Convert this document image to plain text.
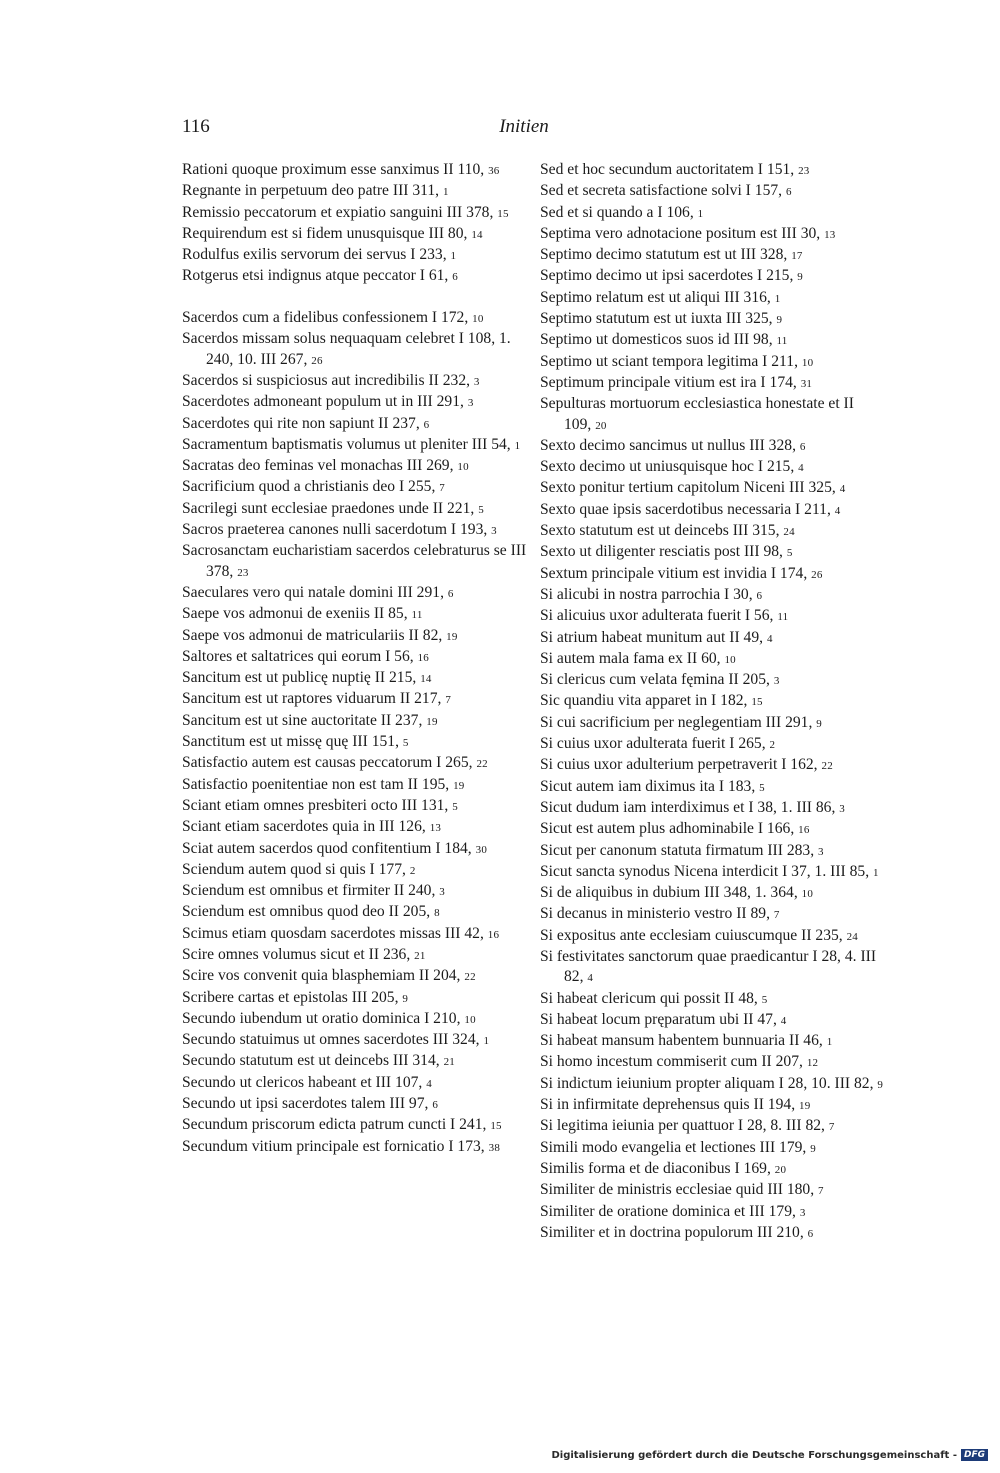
116	Initien
Rationi quoque proximum esse sanximus II 110, 36
Regnante in perpetuum deo patre III 311, 1
Remissio peccatorum et expiatio sanguini III 378, 15
Requirendum est si fidem unusquisque III 80, 14
Rodulfus exilis servorum dei servus I 233, 1
Rotgerus etsi indignus atque peccator I 61, 6
Sacerdos cum a fidelibus confessionem I 172, 10
Sacerdos missam solus nequaquam celebret I 108, 1. 240, 10. III 267, 26
Sacerdos si suspiciosus aut incredibilis II 232, 3
Sacerdotes admoneant populum ut in III 291, 3
Sacerdotes qui rite non sapiunt II 237, 6
Sacramentum baptismatis volumus ut pleniter III 54, 1
Sacratas deo feminas vel monachas III 269, 10
Sacrificium quod a christianis deo I 255, 7
Sacrilegi sunt ecclesiae praedones unde II 221, 5
Sacros praeterea canones nulli sacerdotum I 193, 3
Sacrosanctam eucharistiam sacerdos celebraturus se III 378, 23
Saeculares vero qui natale domini III 291, 6
Saepe vos admonui de exeniis II 85, 11
Saepe vos admonui de matriculariis II 82, 19
Saltores et saltatrices qui eorum I 56, 16
Sancitum est ut publicę nuptię II 215, 14
Sancitum est ut raptores viduarum II 217, 7
Sancitum est ut sine auctoritate II 237, 19
Sanctitum est ut missę quę III 151, 5
Satisfactio autem est causas peccatorum I 265, 22
Satisfactio poenitentiae non est tam II 195, 19
Sciant etiam omnes presbiteri octo III 131, 5
Sciant etiam sacerdotes quia in III 126, 13
Sciat autem sacerdos quod confitentium I 184, 30
Sciendum autem quod si quis I 177, 2
Sciendum est omnibus et firmiter II 240, 3
Sciendum est omnibus quod deo II 205, 8
Scimus etiam quosdam sacerdotes missas III 42, 16
Scire omnes volumus sicut et II 236, 21
Scire vos convenit quia blasphemiam II 204, 22
Scribere cartas et epistolas III 205, 9
Secundo iubendum ut oratio dominica I 210, 10
Secundo statuimus ut omnes sacerdotes III 324, 1
Secundo statutum est ut deincebs III 314, 21
Secundo ut clericos habeant et III 107, 4
Secundo ut ipsi sacerdotes talem III 97, 6
Secundum priscorum edicta patrum cuncti I 241, 15
Secundum vitium principale est fornicatio I 173, 38
Sed et hoc secundum auctoritatem I 151, 23
Sed et secreta satisfactione solvi I 157, 6
Sed et si quando a I 106, 1
Septima vero adnotacione positum est III 30, 13
Septimo decimo statutum est ut III 328, 17
Septimo decimo ut ipsi sacerdotes I 215, 9
Septimo relatum est ut aliqui III 316, 1
Septimo statutum est ut iuxta III 325, 9
Septimo ut domesticos suos id III 98, 11
Septimo ut sciant tempora legitima I 211, 10
Septimum principale vitium est ira I 174, 31
Sepulturas mortuorum ecclesiastica honestate et II 109, 20
Sexto decimo sancimus ut nullus III 328, 6
Sexto decimo ut uniusquisque hoc I 215, 4
Sexto ponitur tertium capitolum Niceni III 325, 4
Sexto quae ipsis sacerdotibus necessaria I 211, 4
Sexto statutum est ut deincebs III 315, 24
Sexto ut diligenter resciatis post III 98, 5
Sextum principale vitium est invidia I 174, 26
Si alicubi in nostra parrochia I 30, 6
Si alicuius uxor adulterata fuerit I 56, 11
Si atrium habeat munitum aut II 49, 4
Si autem mala fama ex II 60, 10
Si clericus cum velata fęmina II 205, 3
Sic quandiu vita apparet in I 182, 15
Si cui sacrificium per neglegentiam III 291, 9
Si cuius uxor adulterata fuerit I 265, 2
Si cuius uxor adulterium perpetraverit I 162, 22
Sicut autem iam diximus ita I 183, 5
Sicut dudum iam interdiximus et I 38, 1. III 86, 3
Sicut est autem plus adhominabile I 166, 16
Sicut per canonum statuta firmatum III 283, 3
Sicut sancta synodus Nicena interdicit I 37, 1. III 85, 1
Si de aliquibus in dubium III 348, 1. 364, 10
Si decanus in ministerio vestro II 89, 7
Si expositus ante ecclesiam cuiuscumque II 235, 24
Si festivitates sanctorum quae praedicantur I 28, 4. III 82, 4
Si habeat clericum qui possit II 48, 5
Si habeat locum pręparatum ubi II 47, 4
Si habeat mansum habentem bunnuaria II 46, 1
Si homo incestum commiserit cum II 207, 12
Si indictum ieiunium propter aliquam I 28, 10. III 82, 9
Si in infirmitate deprehensus quis II 194, 19
Si legitima ieiunia per quattuor I 28, 8. III 82, 7
Simili modo evangelia et lectiones III 179, 9
Similis forma et de diaconibus I 169, 20
Similiter de ministris ecclesiae quid III 180, 7
Similiter de oratione dominica et III 179, 3
Similiter et in doctrina populorum III 210, 6
Digitalisierung gefördert durch die Deutsche Forschungsgemeinschaft - DFG
